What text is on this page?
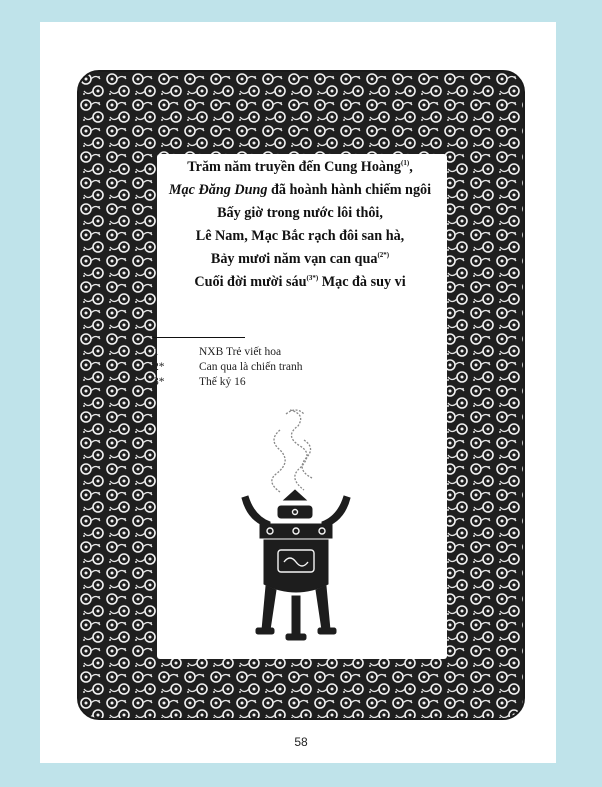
Trăm năm truyền đến Cung Hoàng$^{(1)}$,
Mạc Đăng Dung đã hoành hành chiếm ngôi
Bấy giờ trong nước lôi thôi,
Lê Nam, Mạc Bắc rạch đôi san hà,
Bảy mươi năm vạn can qua$^{(2*)}$
Cuối đời mười sáu$^{(3*)}$ Mạc đà suy vi
1	NXB Trẻ viết hoa
2*	Can qua là chiến tranh
3*	Thế kỷ 16
58
